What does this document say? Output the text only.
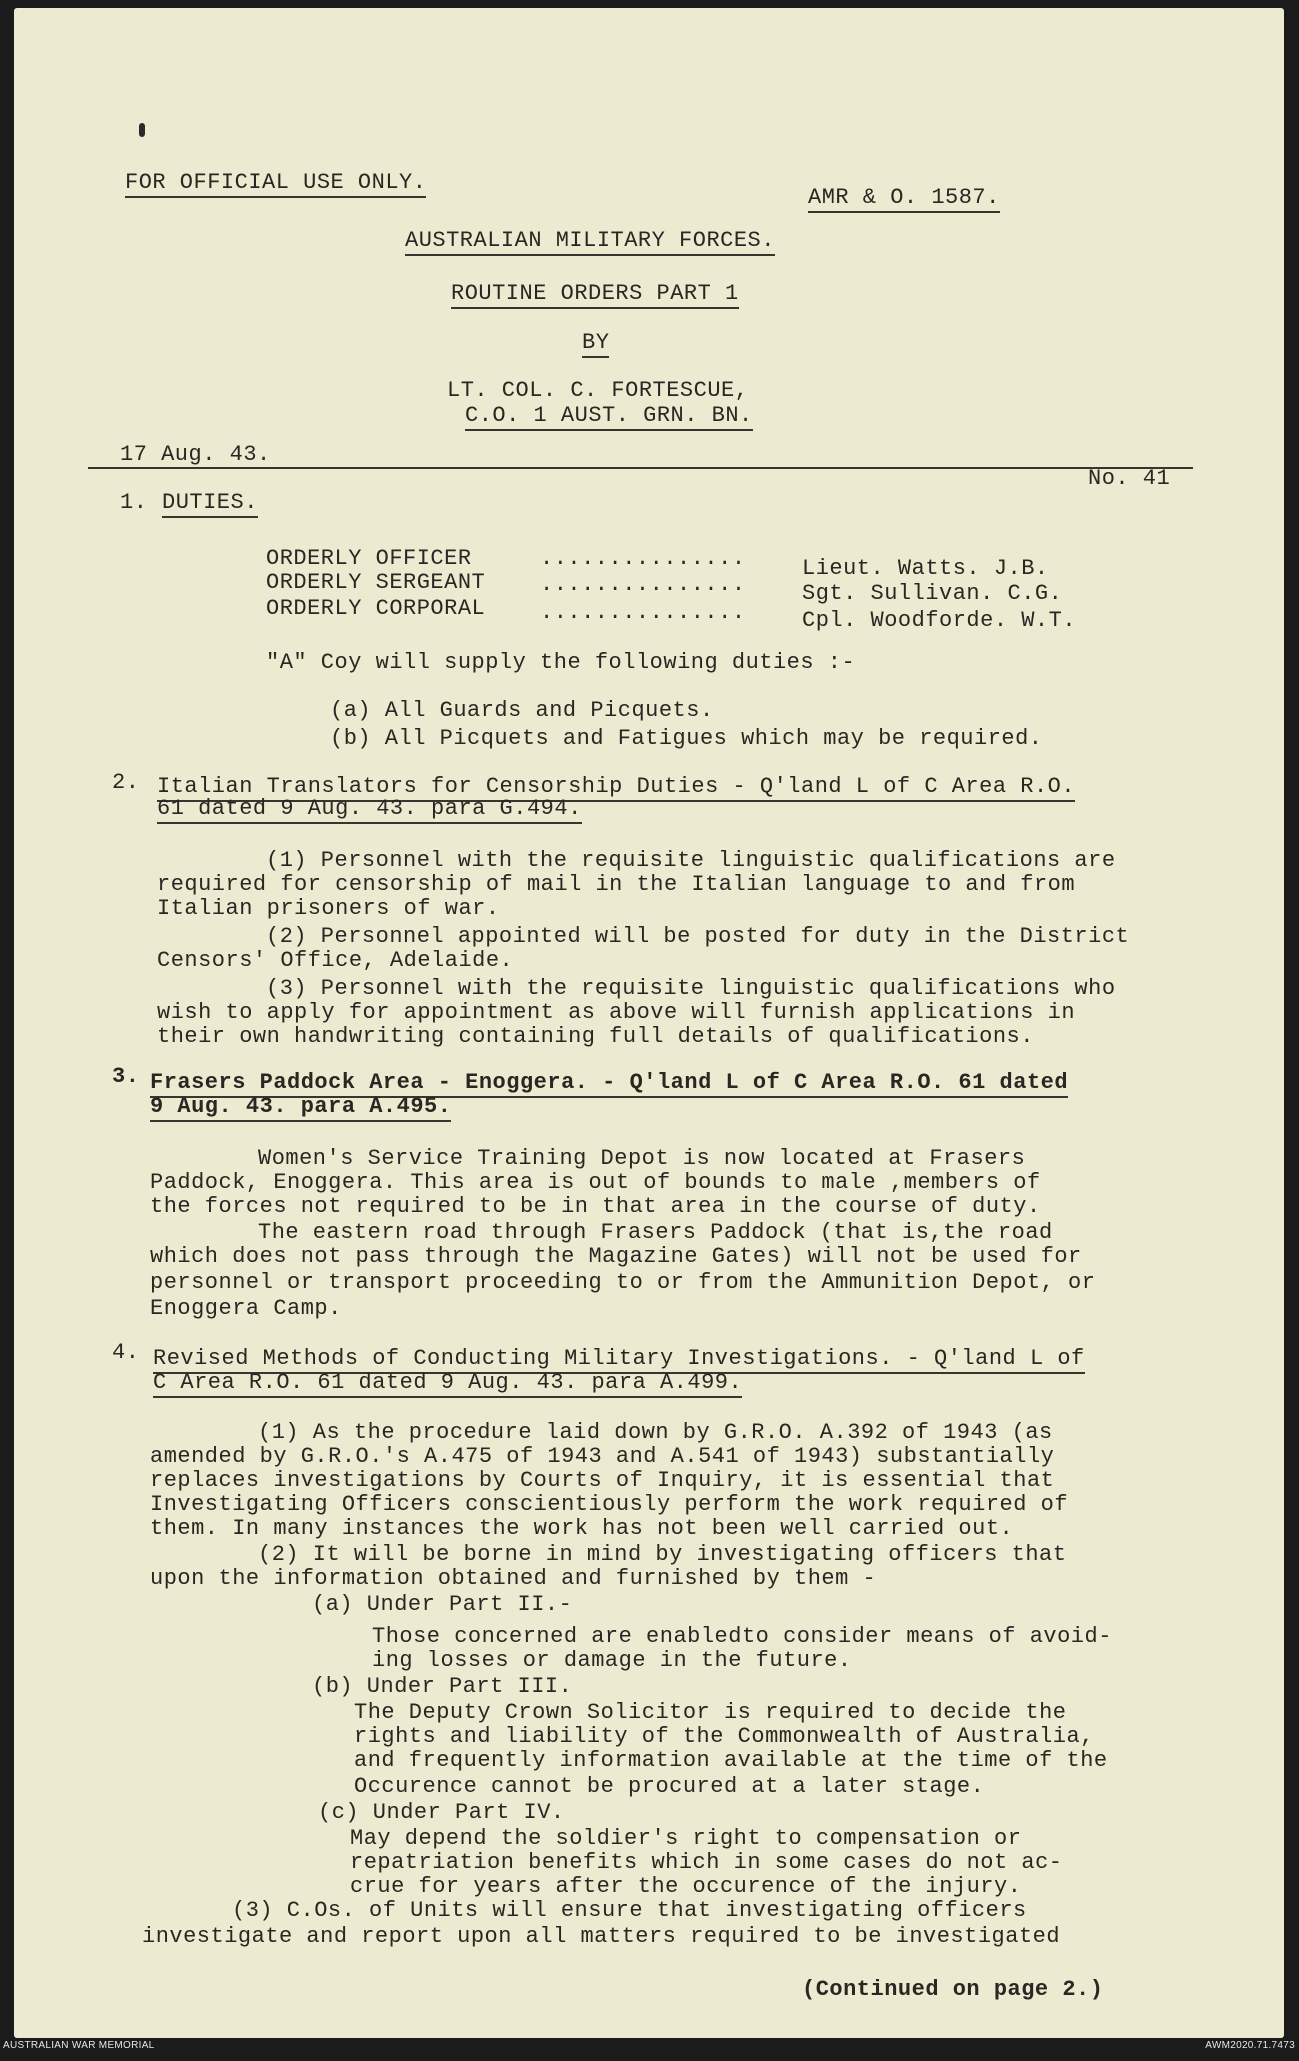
FOR OFFICIAL USE ONLY.
AMR & O. 1587.
AUSTRALIAN MILITARY FORCES.
ROUTINE ORDERS PART 1
BY
LT. COL. C. FORTESCUE,
C.O. 1 AUST. GRN. BN.
17 Aug. 43.
No. 41
1. DUTIES.
ORDERLY OFFICER	...............	Lieut. Watts. J.B.
ORDERLY SERGEANT ...............	Sgt. Sullivan. C.G.
ORDERLY CORPORAL ...............	Cpl. Woodforde. W.T.
"A" Coy will supply the following duties :-
(a) All Guards and Picquets.
(b) All Picquets and Fatigues which may be required.
2. Italian Translators for Censorship Duties - Q'land L of C Area R.O.
61 dated 9 Aug. 43. para G.494.
(1) Personnel with the requisite linguistic qualifications are
required for censorship of mail in the Italian language to and from
Italian prisoners of war.
(2) Personnel appointed will be posted for duty in the District
Censors' Office, Adelaide.
(3) Personnel with the requisite linguistic qualifications who
wish to apply for appointment as above will furnish applications in
their own handwriting containing full details of qualifications.
3. Frasers Paddock Area - Enoggera. - Q'land L of C Area R.O. 61 dated
9 Aug. 43. para A.495.
Women's Service Training Depot is now located at Frasers
Paddock, Enoggera. This area is out of bounds to male ,members of
the forces not required to be in that area in the course of duty.
The eastern road through Frasers Paddock (that is,the road
which does not pass through the Magazine Gates) will not be used for
personnel or transport proceeding to or from the Ammunition Depot, or
Enoggera Camp.
4. Revised Methods of Conducting Military Investigations. - Q'land L of
C Area R.O. 61 dated 9 Aug. 43. para A.499.
(1) As the procedure laid down by G.R.O. A.392 of 1943 (as
amended by G.R.O.'s A.475 of 1943 and A.541 of 1943) substantially
replaces investigations by Courts of Inquiry, it is essential that
Investigating Officers conscientiously perform the work required of
them. In many instances the work has not been well carried out.
(2) It will be borne in mind by investigating officers that
upon the information obtained and furnished by them -
(a) Under Part II.-
Those concerned are enabledto consider means of avoid-
ing losses or damage in the future.
(b) Under Part III.
The Deputy Crown Solicitor is required to decide the
rights and liability of the Commonwealth of Australia,
and frequently information available at the time of the
Occurence cannot be procured at a later stage.
(c) Under Part IV.
May depend the soldier's right to compensation or
repatriation benefits which in some cases do not ac-
crue for years after the occurence of the injury.
(3) C.Os. of Units will ensure that investigating officers
investigate and report upon all matters required to be investigated
(Continued on page 2.)
AUSTRALIAN WAR MEMORIAL	AWM2020.71.7473
